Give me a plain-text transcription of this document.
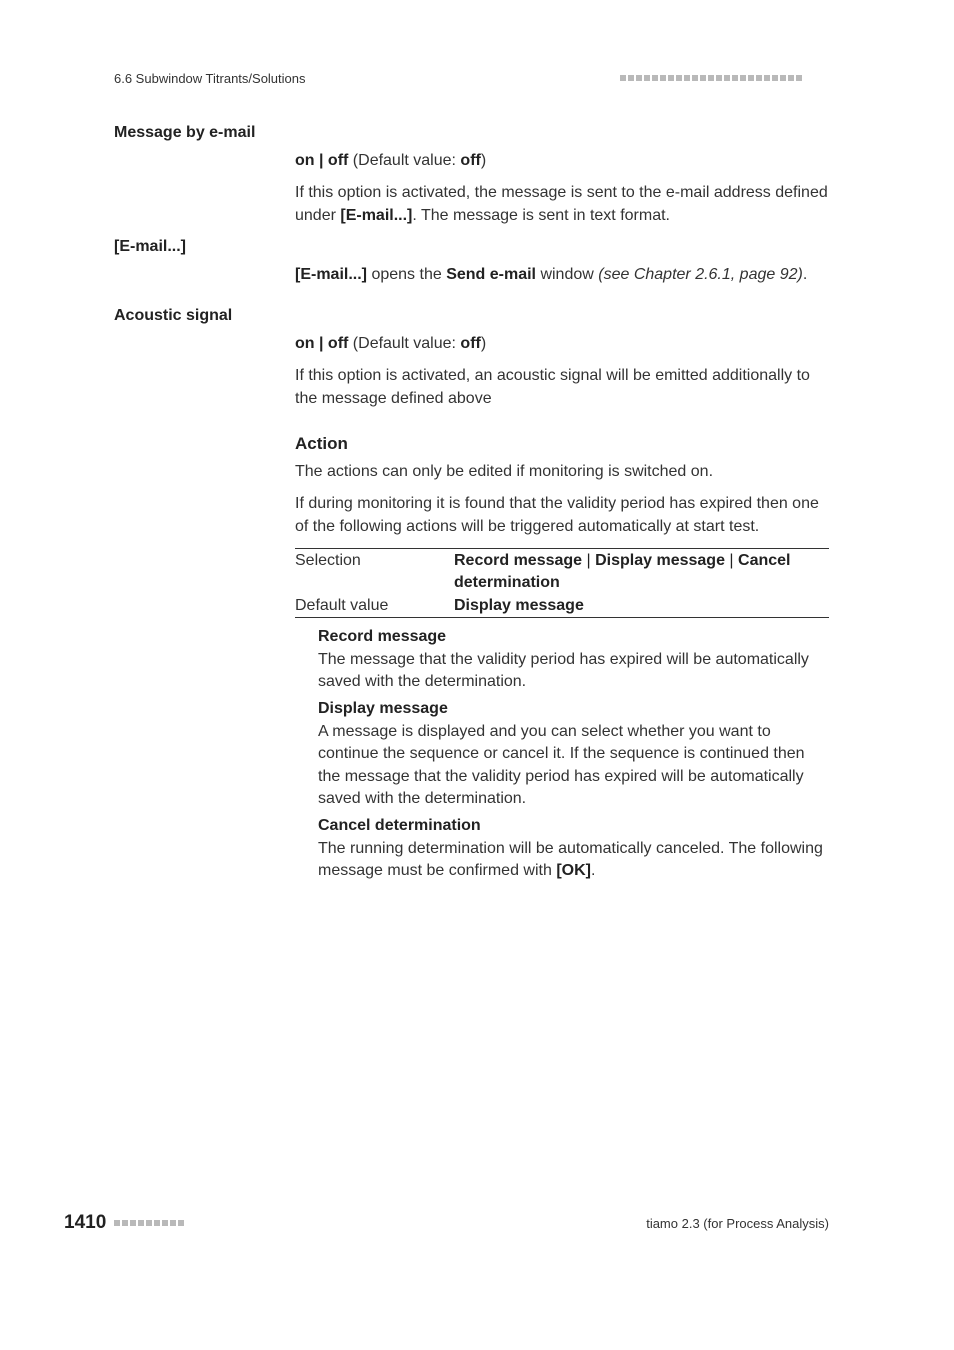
6.6 Subwindow Titrants/Solutions
Message by e-mail
on | off (Default value: off)
If this option is activated, the message is sent to the e-mail address defined under [E-mail...]. The message is sent in text format.
[E-mail...]
[E-mail...] opens the Send e-mail window (see Chapter 2.6.1, page 92).
Acoustic signal
on | off (Default value: off)
If this option is activated, an acoustic signal will be emitted additionally to the message defined above
Action
The actions can only be edited if monitoring is switched on.
If during monitoring it is found that the validity period has expired then one of the following actions will be triggered automatically at start test.
Selection	Record message | Display message | Cancel determination
Default value	Display message
Record message
The message that the validity period has expired will be automatically saved with the determination.
Display message
A message is displayed and you can select whether you want to continue the sequence or cancel it. If the sequence is continued then the message that the validity period has expired will be automatically saved with the determination.
Cancel determination
The running determination will be automatically canceled. The following message must be confirmed with [OK].
1410	tiamo 2.3 (for Process Analysis)
